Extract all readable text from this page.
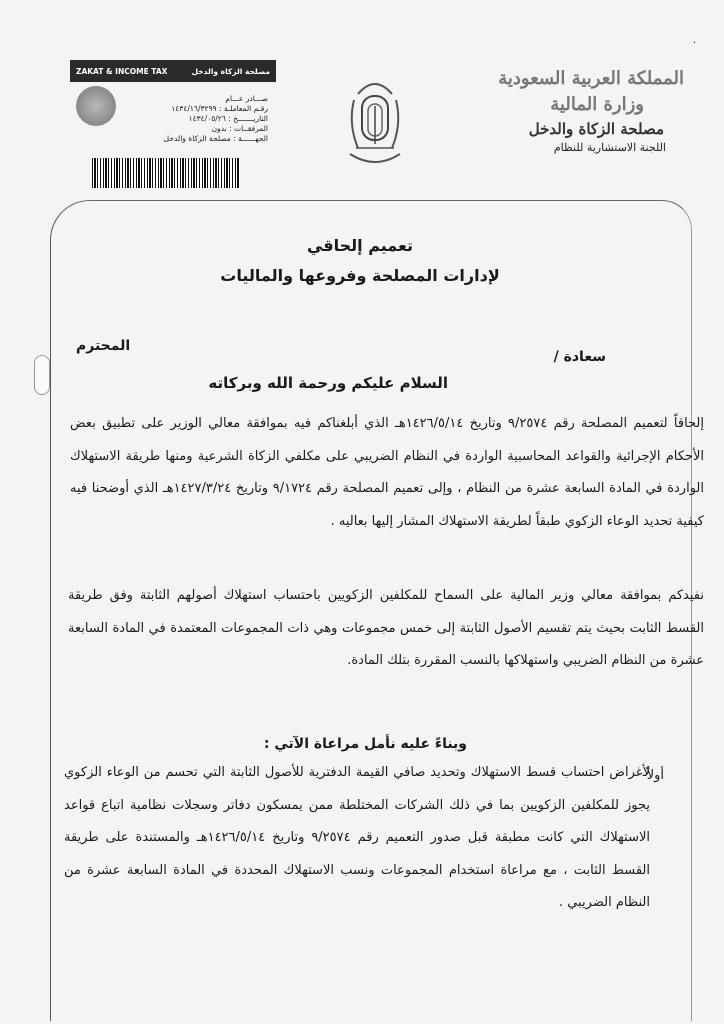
ZAKAT & INCOME TAX	مصلحة الزكاة والدخل
صـــادر عـــام
رقـم المعاملـة : ١٤٣٤/١٦/٣٢٩٩
التاريـــــــخ : ١٤٣٤/٠٥/٢٦
المرفقــات : بدون
الجهــــــة : مصلحة الزكاة والدخل
·
المملكة العربية السعودية
وزارة المالية
مصلحة الزكاة والدخل
اللجنة الاستشارية للنظام
تعميم إلحاقي
لإدارات المصلحة وفروعها والماليات
المحترم
سعادة /
السلام عليكم ورحمة الله وبركاته
إلحاقاً لتعميم المصلحة رقم ٩/٢٥٧٤ وتاريخ ١٤٢٦/٥/١٤هـ الذي أبلغناكم فيه بموافقة معالي الوزير على تطبيق بعض الأحكام الإجرائية والقواعد المحاسبية الواردة في النظام الضريبي على مكلفي الزكاة الشرعية ومنها طريقة الاستهلاك الواردة في المادة السابعة عشرة من النظام ، وإلى تعميم المصلحة رقم ٩/١٧٢٤ وتاريخ ١٤٢٧/٣/٢٤هـ الذي أوضحنا فيه كيفية تحديد الوعاء الزكوي طبقاً لطريقة الاستهلاك المشار إليها بعاليه .
نفيدكم بموافقة معالي وزير المالية على السماح للمكلفين الزكويين باحتساب استهلاك أصولهم الثابتة وفق طريقة القسط الثابت بحيث يتم تقسيم الأصول الثابتة إلى خمس مجموعات وهي ذات المجموعات المعتمدة في المادة السابعة عشرة من النظام الضريبي واستهلاكها بالنسب المقررة بتلك المادة.
وبناءً عليه نأمل مراعاة الآتي :
أولاً-
لأغراض احتساب قسط الاستهلاك وتحديد صافي القيمة الدفترية للأصول الثابتة التي تحسم من الوعاء الزكوي يجوز للمكلفين الزكويين بما في ذلك الشركات المختلطة ممن يمسكون دفاتر وسجلات نظامية اتباع قواعد الاستهلاك التي كانت مطبقة قبل صدور التعميم رقم ٩/٢٥٧٤ وتاريخ ١٤٢٦/٥/١٤هـ والمستندة على طريقة القسط الثابت ، مع مراعاة استخدام المجموعات ونسب الاستهلاك المحددة في المادة السابعة عشرة من النظام الضريبي .
